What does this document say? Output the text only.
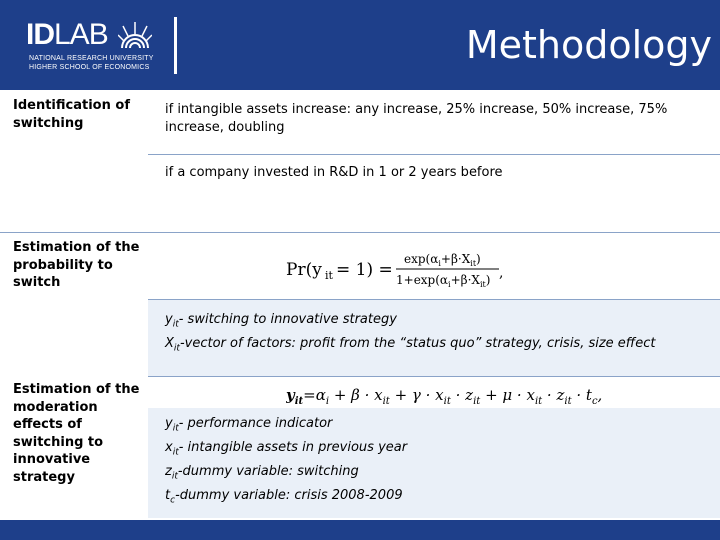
IDLAB
NATIONAL RESEARCH UNIVERSITY
HIGHER SCHOOL OF ECONOMICS
Methodology
Identification of switching
if intangible assets increase: any increase, 25% increase, 50% increase, 75% increase, doubling
if a company invested in R&D in 1 or 2 years before
Estimation of the probability to switch
Pr(y it = 1) =
$\exp(\alpha_i+\beta\cdot X_{it})$
$1+\exp(\alpha_i+\beta\cdot X_{it})$ ,
$y_{it}-$ switching to innovative strategy
$X_{it}$-vector of factors: profit from the “status quo” strategy, crisis, size effect
Estimation of the moderation effects of switching to innovative strategy
$y_{it}=\alpha_i + \beta \cdot x_{it} + \gamma \cdot x_{it} \cdot z_{it} + \mu \cdot x_{it} \cdot z_{it} \cdot t_c$,
$y_{it}-$ performance indicator
$x_{it}-$ intangible assets in previous year
$z_{it}$-dummy variable: switching
$t_c$-dummy variable: crisis 2008-2009
